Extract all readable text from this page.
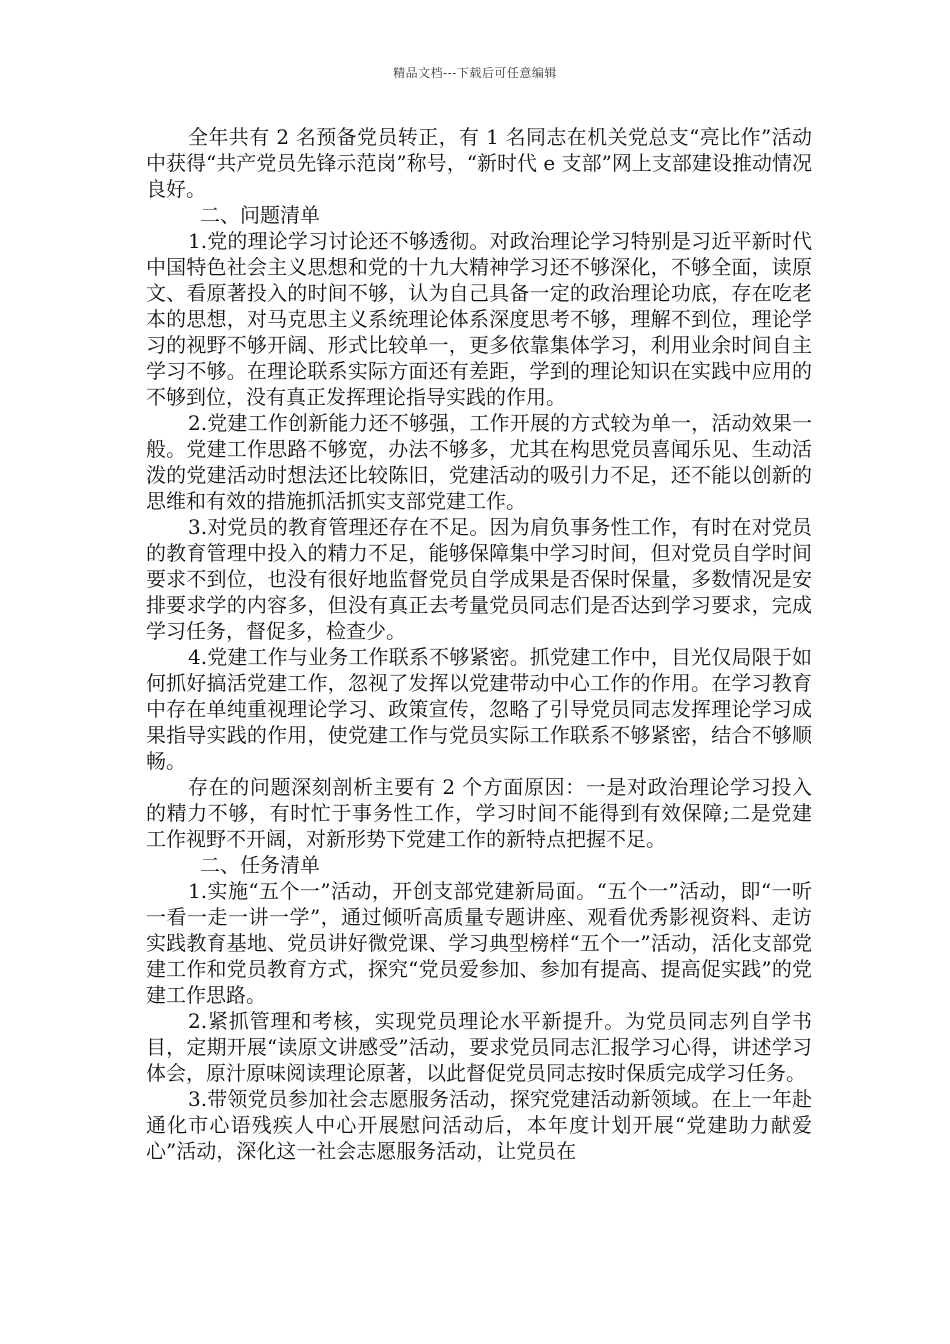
精品文档---下载后可任意编辑

全年共有 2 名预备党员转正，有 1 名同志在机关党总支“亮比作”活动中获得“共产党员先锋示范岗”称号，“新时代 e 支部”网上支部建设推动情况良好。

二、问题清单

1.党的理论学习讨论还不够透彻。对政治理论学习特别是习近平新时代中国特色社会主义思想和党的十九大精神学习还不够深化，不够全面，读原文、看原著投入的时间不够，认为自己具备一定的政治理论功底，存在吃老本的思想，对马克思主义系统理论体系深度思考不够，理解不到位，理论学习的视野不够开阔、形式比较单一，更多依靠集体学习，利用业余时间自主学习不够。在理论联系实际方面还有差距，学到的理论知识在实践中应用的不够到位，没有真正发挥理论指导实践的作用。

2.党建工作创新能力还不够强，工作开展的方式较为单一，活动效果一般。党建工作思路不够宽，办法不够多，尤其在构思党员喜闻乐见、生动活泼的党建活动时想法还比较陈旧，党建活动的吸引力不足，还不能以创新的思维和有效的措施抓活抓实支部党建工作。

3.对党员的教育管理还存在不足。因为肩负事务性工作，有时在对党员的教育管理中投入的精力不足，能够保障集中学习时间，但对党员自学时间要求不到位，也没有很好地监督党员自学成果是否保时保量，多数情况是安排要求学的内容多，但没有真正去考量党员同志们是否达到学习要求，完成学习任务，督促多，检查少。

4.党建工作与业务工作联系不够紧密。抓党建工作中，目光仅局限于如何抓好搞活党建工作，忽视了发挥以党建带动中心工作的作用。在学习教育中存在单纯重视理论学习、政策宣传，忽略了引导党员同志发挥理论学习成果指导实践的作用，使党建工作与党员实际工作联系不够紧密，结合不够顺畅。

存在的问题深刻剖析主要有 2 个方面原因：一是对政治理论学习投入的精力不够，有时忙于事务性工作，学习时间不能得到有效保障;二是党建工作视野不开阔，对新形势下党建工作的新特点把握不足。

二、任务清单

1.实施“五个一”活动，开创支部党建新局面。“五个一”活动，即“一听一看一走一讲一学”，通过倾听高质量专题讲座、观看优秀影视资料、走访实践教育基地、党员讲好微党课、学习典型榜样“五个一”活动，活化支部党建工作和党员教育方式，探究“党员爱参加、参加有提高、提高促实践”的党建工作思路。

2.紧抓管理和考核，实现党员理论水平新提升。为党员同志列自学书目，定期开展“读原文讲感受”活动，要求党员同志汇报学习心得，讲述学习体会，原汁原味阅读理论原著，以此督促党员同志按时保质完成学习任务。

3.带领党员参加社会志愿服务活动，探究党建活动新领域。在上一年赴通化市心语残疾人中心开展慰问活动后，本年度计划开展“党建助力献爱心”活动，深化这一社会志愿服务活动，让党员在
